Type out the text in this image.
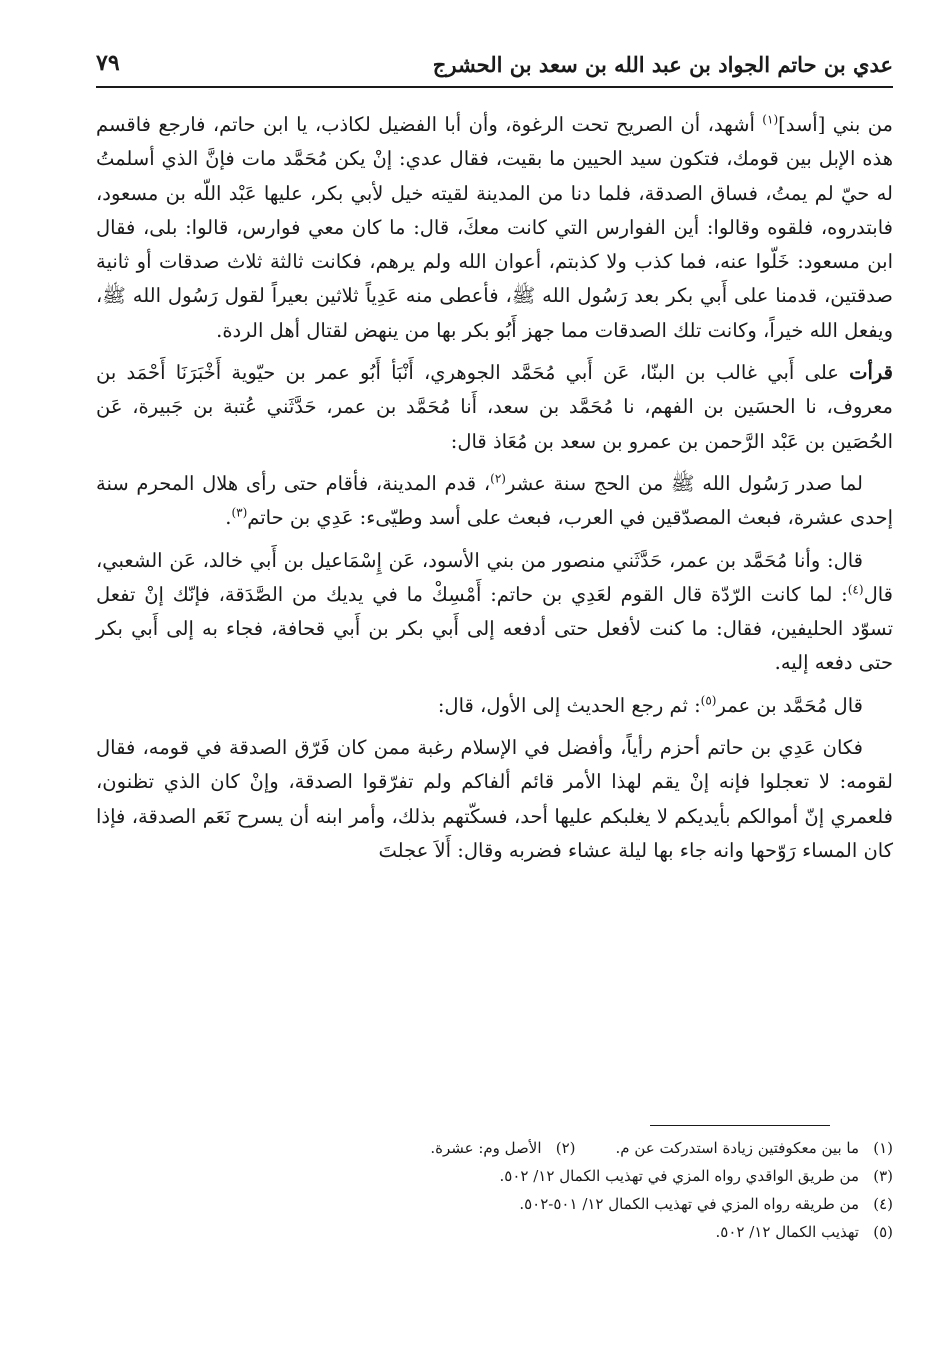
عدي بن حاتم الجواد بن عبد الله بن سعد بن الحشرج
٧٩

من بني [أسد]$^{(١)}$ أشهد، أن الصريح تحت الرغوة، وأن أبا الفضيل لكاذب، يا ابن حاتم، فارجع فاقسم هذه الإبل بين قومك، فتكون سيد الحيين ما بقيت، فقال عدي: إنْ يكن مُحَمَّد مات فإنَّ الذي أسلمتُ له حيّ لم يمتُ، فساق الصدقة، فلما دنا من المدينة لقيته خيل لأبي بكر، عليها عَبْد اللّه بن مسعود، فابتدروه، فلقوه وقالوا: أين الفوارس التي كانت معكَ، قال: ما كان معي فوارس، قالوا: بلى، فقال ابن مسعود: خَلّوا عنه، فما كذب ولا كذبتم، أعوان الله ولم يرهم، فكانت ثالثة ثلاث صدقات أو ثانية صدقتين، قدمنا على أَبي بكر بعد رَسُول الله ﷺ، فأعطى منه عَدِياً ثلاثين بعيراً لقول رَسُول الله ﷺ، ويفعل الله خيراً، وكانت تلك الصدقات مما جهز أَبُو بكر بها من ينهض لقتال أهل الردة.

قرأت على أَبي غالب بن البنّا، عَن أَبي مُحَمَّد الجوهري، أَنْبَأ أَبُو عمر بن حيّوية أَخْبَرَنَا أَحْمَد بن معروف، نا الحسَين بن الفهم، نا مُحَمَّد بن سعد، أَنا مُحَمَّد بن عمر، حَدَّثَني عُتبة بن جَبيرة، عَن الحُصَين بن عَبْد الرَّحمن بن عمرو بن سعد بن مُعَاذ قال:

لما صدر رَسُول الله ﷺ من الحج سنة عشر$^{(٢)}$، قدم المدينة، فأقام حتى رأى هلال المحرم سنة إحدى عشرة، فبعث المصدّقين في العرب، فبعث على أسد وطيّىء: عَدِي بن حاتم$^{(٣)}$.

قال: وأنا مُحَمَّد بن عمر، حَدَّثَني منصور من بني الأسود، عَن إِسْمَاعيل بن أَبي خالد، عَن الشعبي، قال$^{(٤)}$: لما كانت الرّدّة قال القوم لعَدِي بن حاتم: أَمْسِكْ ما في يديك من الصَّدَقة، فإنّك إنْ تفعل تسوّد الحليفين، فقال: ما كنت لأفعل حتى أدفعه إلى أَبي بكر بن أَبي قحافة، فجاء به إلى أَبي بكر حتى دفعه إليه.

قال مُحَمَّد بن عمر$^{(٥)}$: ثم رجع الحديث إلى الأول، قال:

فكان عَدِي بن حاتم أحزم رأياً، وأفضل في الإسلام رغبة ممن كان فَرّق الصدقة في قومه، فقال لقومه: لا تعجلوا فإنه إنْ يقم لهذا الأمر قائم ألفاكم ولم تفرّقوا الصدقة، وإنْ كان الذي تظنون، فلعمري إنّ أموالكم بأيديكم لا يغلبكم عليها أحد، فسكّتهم بذلك، وأمر ابنه أن يسرح نَعَم الصدقة، فإذا كان المساء رَوّحها وانه جاء بها ليلة عشاء فضربه وقال: أَلاَ عجلتَ

(١)ما بين معكوفتين زيادة استدركت عن م.
(٢)الأصل وم: عشرة.
(٣)من طريق الواقدي رواه المزي في تهذيب الكمال ١٢/ ٥٠٢.
(٤)من طريقه رواه المزي في تهذيب الكمال ١٢/ ٥٠١-٥٠٢.
(٥)تهذيب الكمال ١٢/ ٥٠٢.
